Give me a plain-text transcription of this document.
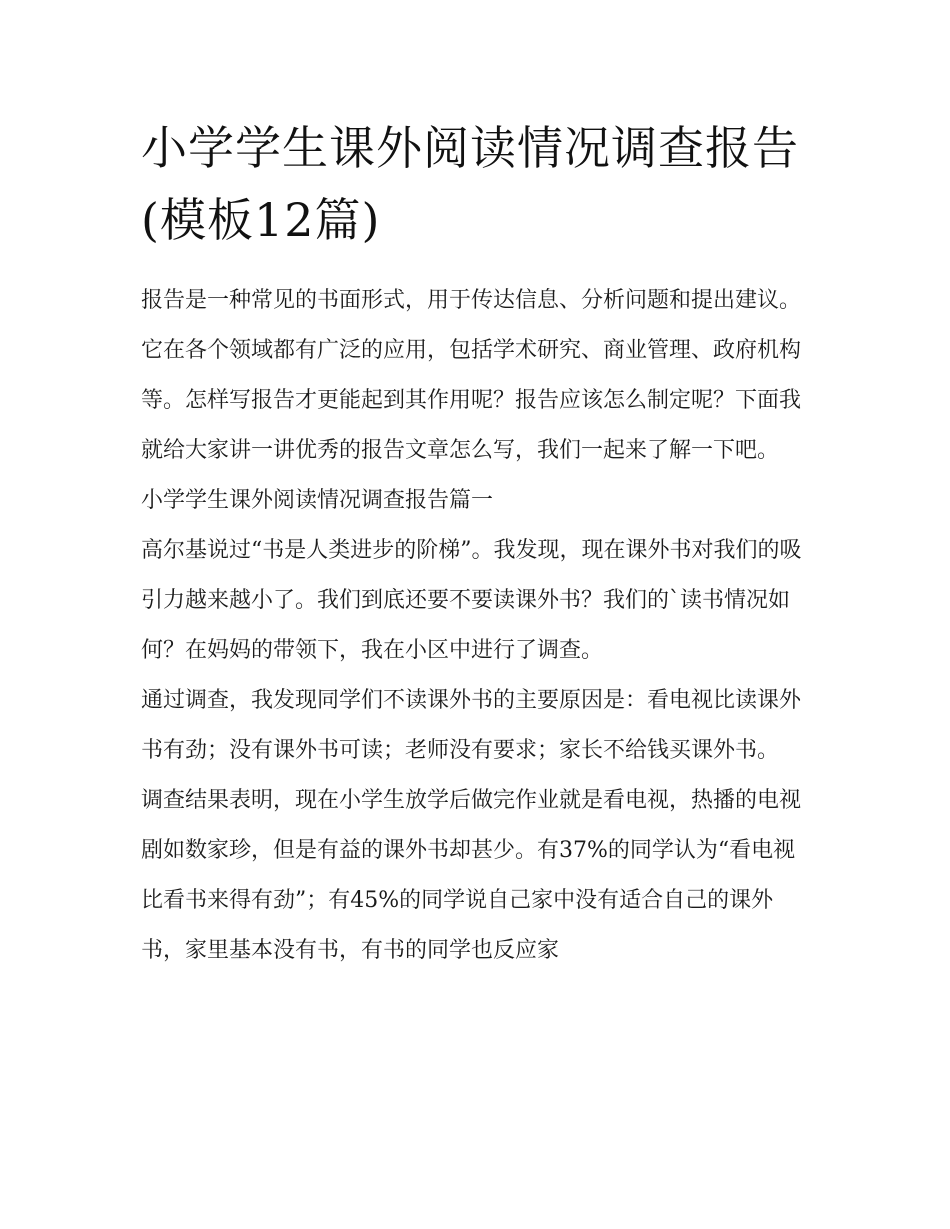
小学学生课外阅读情况调查报告(模板12篇)

报告是一种常见的书面形式，用于传达信息、分析问题和提出建议。它在各个领域都有广泛的应用，包括学术研究、商业管理、政府机构等。怎样写报告才更能起到其作用呢？报告应该怎么制定呢？下面我就给大家讲一讲优秀的报告文章怎么写，我们一起来了解一下吧。

小学学生课外阅读情况调查报告篇一

高尔基说过“书是人类进步的阶梯”。我发现，现在课外书对我们的吸引力越来越小了。我们到底还要不要读课外书？我们的`读书情况如何？在妈妈的带领下，我在小区中进行了调查。

通过调查，我发现同学们不读课外书的主要原因是：看电视比读课外书有劲；没有课外书可读；老师没有要求；家长不给钱买课外书。

调查结果表明，现在小学生放学后做完作业就是看电视，热播的电视剧如数家珍，但是有益的课外书却甚少。有37%的同学认为“看电视比看书来得有劲”；有45%的同学说自己家中没有适合自己的课外书，家里基本没有书，有书的同学也反应家
